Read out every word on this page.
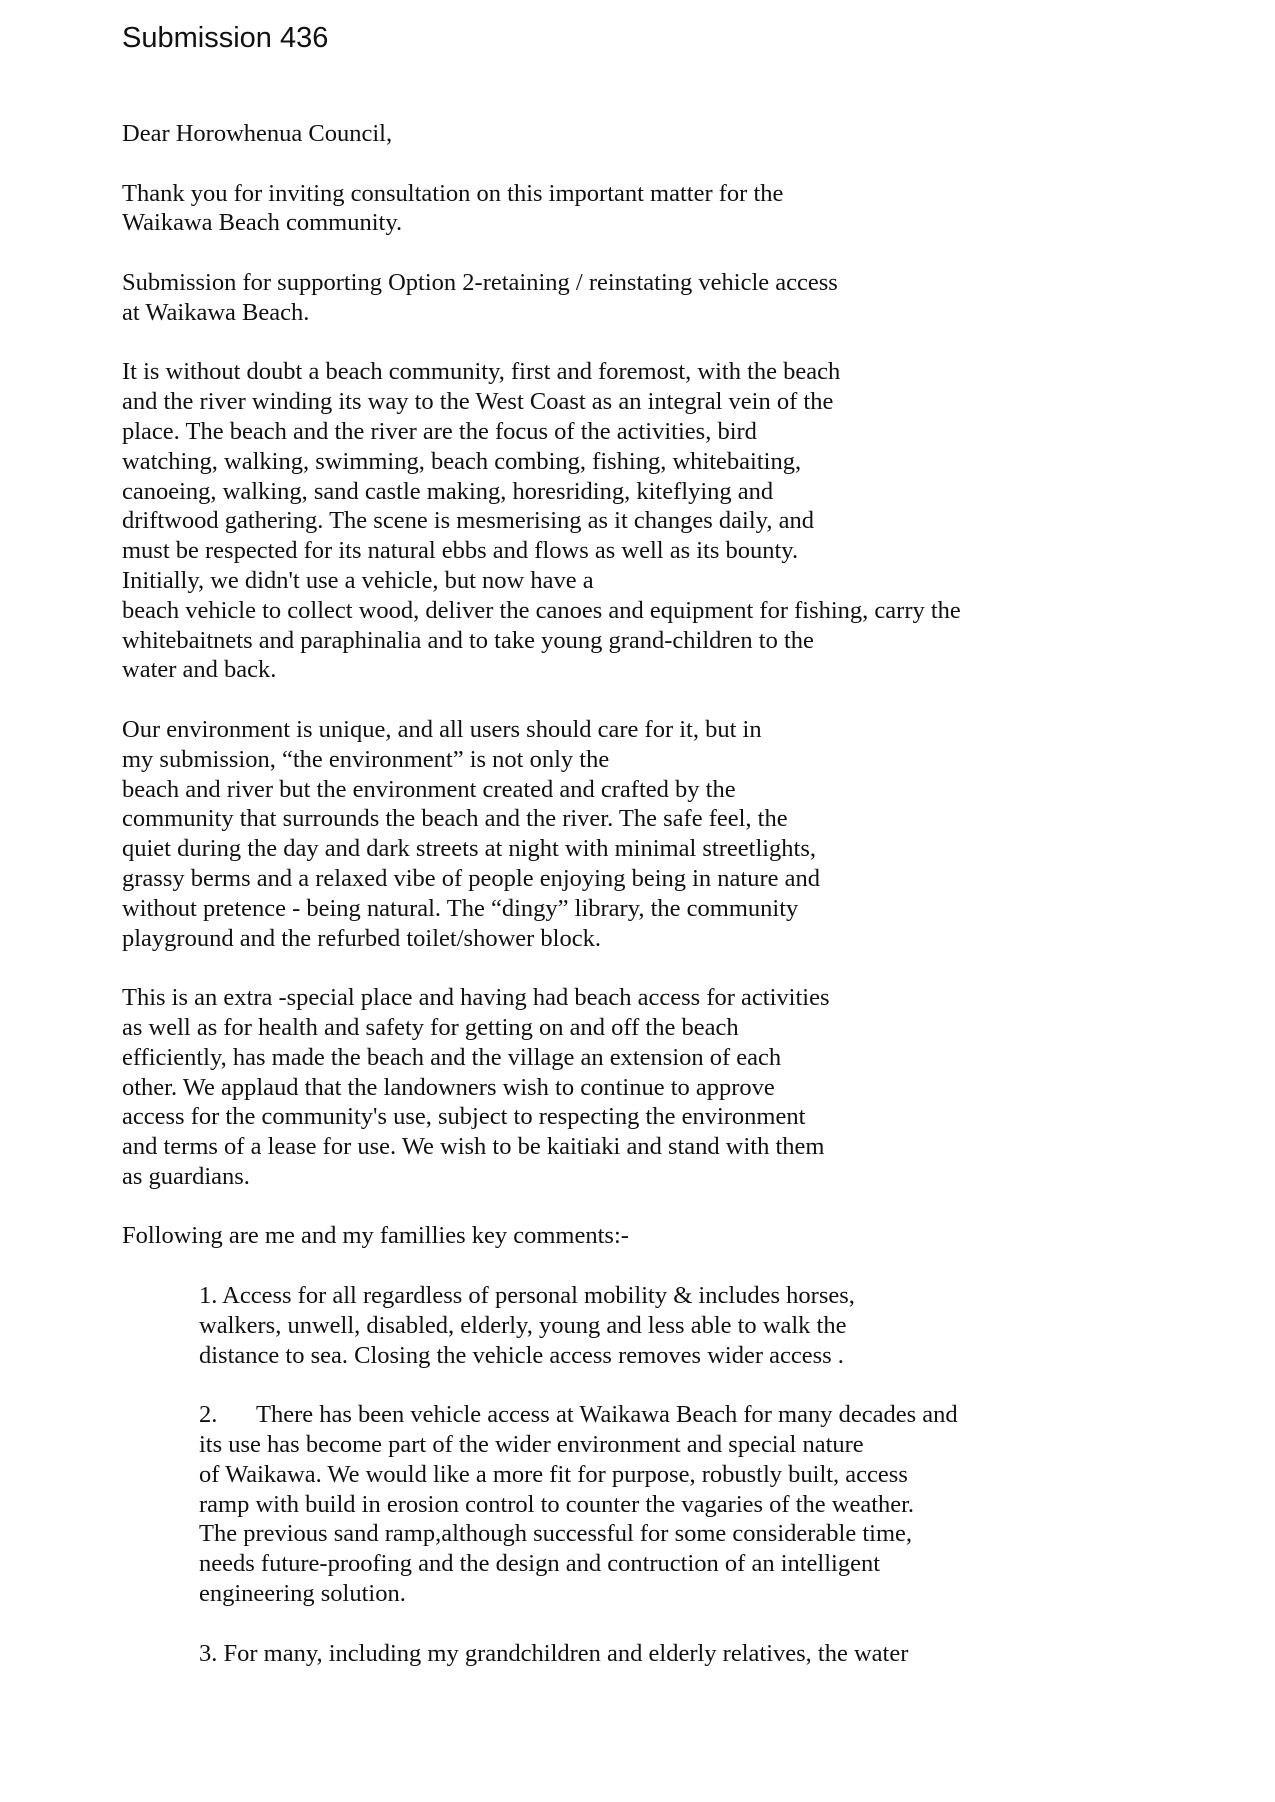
Submission 436

Dear Horowhenua Council,

Thank you for inviting consultation on this important matter for the
Waikawa Beach community.

Submission for supporting Option 2-retaining / reinstating vehicle access
at Waikawa Beach.

It is without doubt a beach community, first and foremost, with the beach
and the river winding its way to the West Coast as an integral vein of the
place. The beach and the river are the focus of the activities, bird
watching, walking, swimming, beach combing, fishing, whitebaiting,
canoeing, walking, sand castle making, horesriding, kiteflying and
driftwood gathering. The scene is mesmerising as it changes daily, and
must be respected for its natural ebbs and flows as well as its bounty.
Initially, we didn't use a vehicle, but now have a
beach vehicle to collect wood, deliver the canoes and equipment for fishing, carry the
whitebaitnets and paraphinalia and to take young grand-children to the
water and back.

Our environment is unique, and all users should care for it, but in
my submission, “the environment” is not only the
beach and river but the environment created and crafted by the
community that surrounds the beach and the river. The safe feel, the
quiet during the day and dark streets at night with minimal streetlights,
grassy berms and a relaxed vibe of people enjoying being in nature and
without pretence - being natural. The “dingy” library, the community
playground and the refurbed toilet/shower block.

This is an extra -special place and having had beach access for activities
as well as for health and safety for getting on and off the beach
efficiently, has made the beach and the village an extension of each
other. We applaud that the landowners wish to continue to approve
access for the community's use, subject to respecting the environment
and terms of a lease for use. We wish to be kaitiaki and stand with them
as guardians.

Following are me and my famillies key comments:-

1. Access for all regardless of personal mobility & includes horses,
walkers, unwell, disabled, elderly, young and less able to walk the
distance to sea. Closing the vehicle access removes wider access .

2. There has been vehicle access at Waikawa Beach for many decades and
its use has become part of the wider environment and special nature
of Waikawa. We would like a more fit for purpose, robustly built, access
ramp with build in erosion control to counter the vagaries of the weather.
The previous sand ramp,although successful for some considerable time,
needs future-proofing and the design and contruction of an intelligent
engineering solution.

3. For many, including my grandchildren and elderly relatives, the water
